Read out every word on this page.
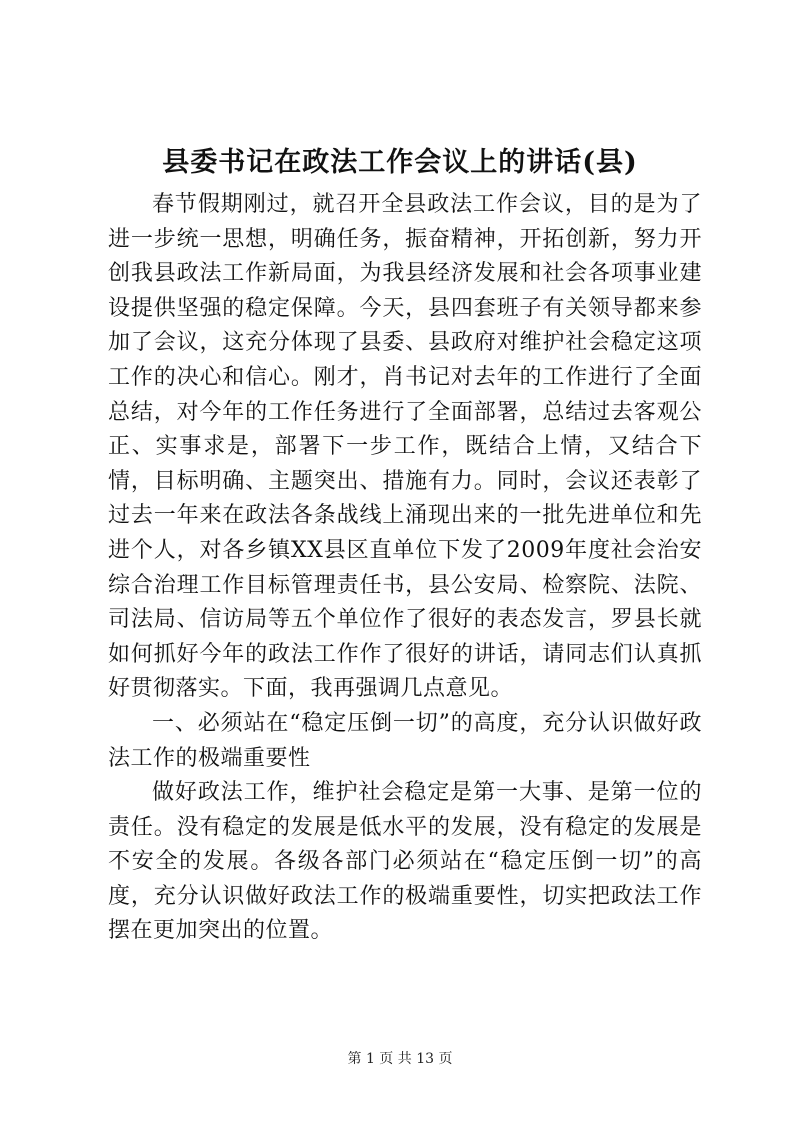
县委书记在政法工作会议上的讲话(县)

春节假期刚过，就召开全县政法工作会议，目的是为了进一步统一思想，明确任务，振奋精神，开拓创新，努力开创我县政法工作新局面，为我县经济发展和社会各项事业建设提供坚强的稳定保障。今天，县四套班子有关领导都来参加了会议，这充分体现了县委、县政府对维护社会稳定这项工作的决心和信心。刚才，肖书记对去年的工作进行了全面总结，对今年的工作任务进行了全面部署，总结过去客观公正、实事求是，部署下一步工作，既结合上情，又结合下情，目标明确、主题突出、措施有力。同时，会议还表彰了过去一年来在政法各条战线上涌现出来的一批先进单位和先进个人，对各乡镇XX县区直单位下发了2009年度社会治安综合治理工作目标管理责任书，县公安局、检察院、法院、司法局、信访局等五个单位作了很好的表态发言，罗县长就如何抓好今年的政法工作作了很好的讲话，请同志们认真抓好贯彻落实。下面，我再强调几点意见。

一、必须站在“稳定压倒一切”的高度，充分认识做好政法工作的极端重要性

做好政法工作，维护社会稳定是第一大事、是第一位的责任。没有稳定的发展是低水平的发展，没有稳定的发展是不安全的发展。各级各部门必须站在“稳定压倒一切”的高度，充分认识做好政法工作的极端重要性，切实把政法工作摆在更加突出的位置。

第 1 页 共 13 页
